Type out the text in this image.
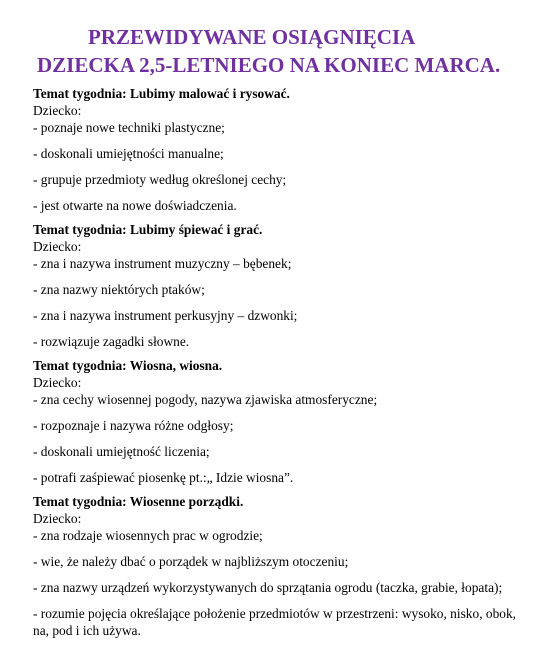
PRZEWIDYWANE OSIĄGNIĘCIA
DZIECKA 2,5-LETNIEGO NA KONIEC MARCA.
Temat tygodnia: Lubimy malować i rysować.
Dziecko:
- poznaje nowe techniki plastyczne;
- doskonali umiejętności manualne;
- grupuje przedmioty według określonej cechy;
- jest otwarte na nowe doświadczenia.
Temat tygodnia: Lubimy śpiewać i grać.
Dziecko:
- zna i nazywa instrument muzyczny – bębenek;
- zna nazwy niektórych ptaków;
- zna i nazywa instrument perkusyjny – dzwonki;
- rozwiązuje zagadki słowne.
Temat tygodnia: Wiosna, wiosna.
Dziecko:
- zna cechy wiosennej pogody, nazywa zjawiska atmosferyczne;
- rozpoznaje i nazywa różne odgłosy;
- doskonali umiejętność liczenia;
- potrafi zaśpiewać piosenkę pt.:„ Idzie wiosna”.
Temat tygodnia: Wiosenne porządki.
Dziecko:
- zna rodzaje wiosennych prac w ogrodzie;
- wie, że należy dbać o porządek w najbliższym otoczeniu;
- zna nazwy urządzeń wykorzystywanych do sprzątania ogrodu (taczka, grabie, łopata);
- rozumie pojęcia określające położenie przedmiotów w przestrzeni: wysoko, nisko, obok, na, pod i ich używa.
